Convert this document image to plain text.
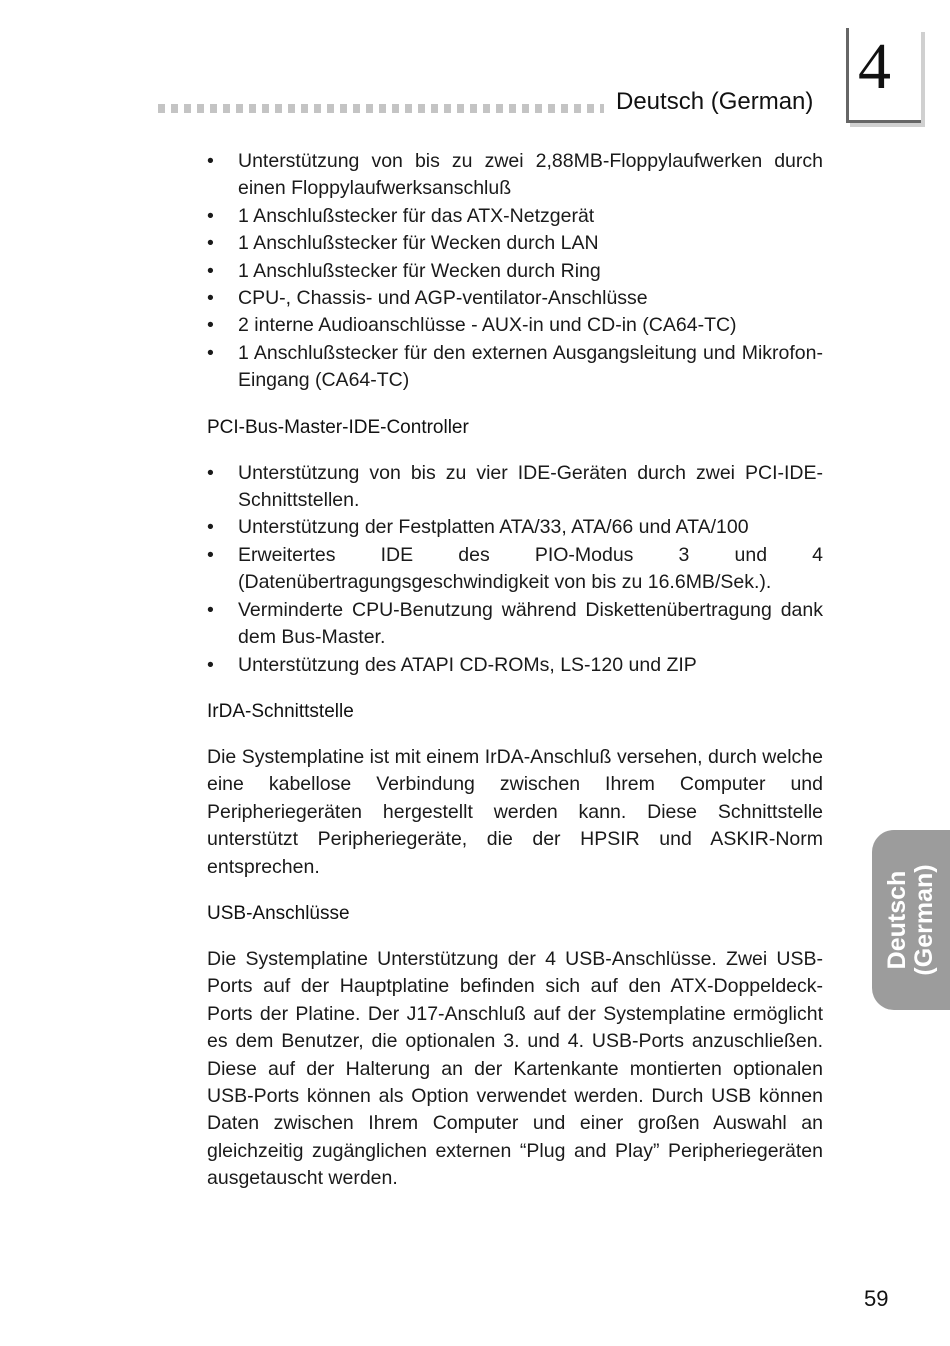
Deutsch (German) 4
• Unterstützung von bis zu zwei 2,88MB-Floppylaufwerken durch einen Floppylaufwerksanschluß
• 1 Anschlußstecker für das ATX-Netzgerät
• 1 Anschlußstecker für Wecken durch LAN
• 1 Anschlußstecker für Wecken durch Ring
• CPU-, Chassis- und AGP-ventilator-Anschlüsse
• 2 interne Audioanschlüsse - AUX-in und CD-in (CA64-TC)
• 1 Anschlußstecker für den externen Ausgangsleitung und Mikrofon-Eingang (CA64-TC)
PCI-Bus-Master-IDE-Controller
• Unterstützung von bis zu vier IDE-Geräten durch zwei PCI-IDE-Schnittstellen.
• Unterstützung der Festplatten ATA/33, ATA/66 und ATA/100
• Erweitertes IDE des PIO-Modus 3 und 4 (Datenübertragungsgeschwindigkeit von bis zu 16.6MB/Sek.).
• Verminderte CPU-Benutzung während Diskettenübertragung dank dem Bus-Master.
• Unterstützung des ATAPI CD-ROMs, LS-120 und ZIP
IrDA-Schnittstelle

Die Systemplatine ist mit einem IrDA-Anschluß versehen, durch welche eine kabellose Verbindung zwischen Ihrem Computer und Peripheriegeräten hergestellt werden kann. Diese Schnittstelle unterstützt Peripheriegeräte, die der HPSIR und ASKIR-Norm entsprechen.

USB-Anschlüsse

Die Systemplatine Unterstützung der 4 USB-Anschlüsse. Zwei USB-Ports auf der Hauptplatine befinden sich auf den ATX-Doppeldeck-Ports der Platine. Der J17-Anschluß auf der Systemplatine ermöglicht es dem Benutzer, die optionalen 3. und 4. USB-Ports anzuschließen. Diese auf der Halterung an der Kartenkante montierten optionalen USB-Ports können als Option verwendet werden. Durch USB können Daten zwischen Ihrem Computer und einer großen Auswahl an gleichzeitig zugänglichen externen “Plug and Play” Peripheriegeräten ausgetauscht werden.

Deutsch (German)
59
